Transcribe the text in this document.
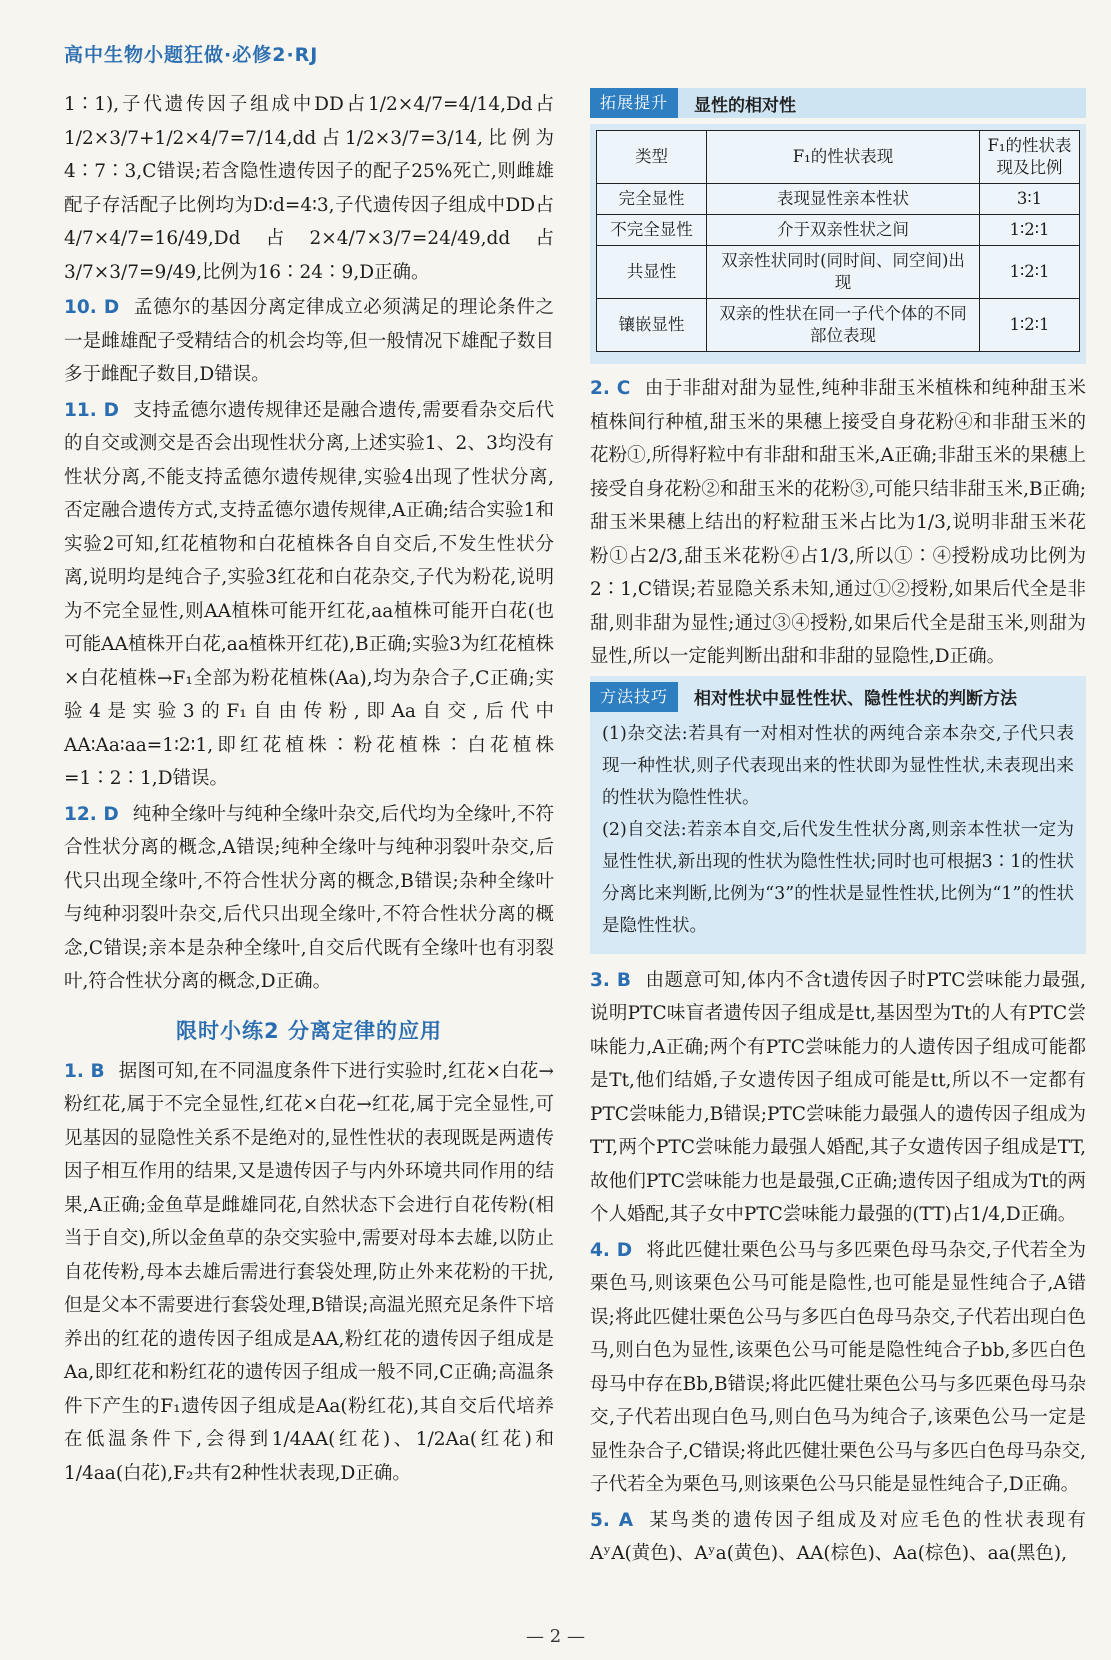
高中生物小题狂做·必修2·RJ

1∶1),子代遗传因子组成中DD占1/2×4/7=4/14,Dd占1/2×3/7+1/2×4/7=7/14,dd占1/2×3/7=3/14,比例为4∶7∶3,C错误;若含隐性遗传因子的配子25%死亡,则雌雄配子存活配子比例均为D∶d=4∶3,子代遗传因子组成中DD占4/7×4/7=16/49,Dd占2×4/7×3/7=24/49,dd占3/7×3/7=9/49,比例为16∶24∶9,D正确。

10. D 孟德尔的基因分离定律成立必须满足的理论条件之一是雌雄配子受精结合的机会均等,但一般情况下雄配子数目多于雌配子数目,D错误。

11. D 支持孟德尔遗传规律还是融合遗传,需要看杂交后代的自交或测交是否会出现性状分离,上述实验1、2、3均没有性状分离,不能支持孟德尔遗传规律,实验4出现了性状分离,否定融合遗传方式,支持孟德尔遗传规律,A正确;结合实验1和实验2可知,红花植物和白花植株各自自交后,不发生性状分离,说明均是纯合子,实验3红花和白花杂交,子代为粉花,说明为不完全显性,则AA植株可能开红花,aa植株可能开白花(也可能AA植株开白花,aa植株开红花),B正确;实验3为红花植株×白花植株→F₁全部为粉花植株(Aa),均为杂合子,C正确;实验4是实验3的F₁自由传粉,即Aa自交,后代中AA∶Aa∶aa=1∶2∶1,即红花植株∶粉花植株∶白花植株=1∶2∶1,D错误。

12. D 纯种全缘叶与纯种全缘叶杂交,后代均为全缘叶,不符合性状分离的概念,A错误;纯种全缘叶与纯种羽裂叶杂交,后代只出现全缘叶,不符合性状分离的概念,B错误;杂种全缘叶与纯种羽裂叶杂交,后代只出现全缘叶,不符合性状分离的概念,C错误;亲本是杂种全缘叶,自交后代既有全缘叶也有羽裂叶,符合性状分离的概念,D正确。

限时小练2 分离定律的应用

1. B 据图可知,在不同温度条件下进行实验时,红花×白花→粉红花,属于不完全显性,红花×白花→红花,属于完全显性,可见基因的显隐性关系不是绝对的,显性性状的表现既是两遗传因子相互作用的结果,又是遗传因子与内外环境共同作用的结果,A正确;金鱼草是雌雄同花,自然状态下会进行自花传粉(相当于自交),所以金鱼草的杂交实验中,需要对母本去雄,以防止自花传粉,母本去雄后需进行套袋处理,防止外来花粉的干扰,但是父本不需要进行套袋处理,B错误;高温光照充足条件下培养出的红花的遗传因子组成是AA,粉红花的遗传因子组成是Aa,即红花和粉红花的遗传因子组成一般不同,C正确;高温条件下产生的F₁遗传因子组成是Aa(粉红花),其自交后代培养在低温条件下,会得到1/4AA(红花)、1/2Aa(红花)和1/4aa(白花),F₂共有2种性状表现,D正确。

拓展提升	显性的相对性
类型	F₁的性状表现	F₁的性状表现及比例
完全显性	表现显性亲本性状	3∶1
不完全显性	介于双亲性状之间	1∶2∶1
共显性	双亲性状同时(同时间、同空间)出现	1∶2∶1
镶嵌显性	双亲的性状在同一子代个体的不同部位表现	1∶2∶1

2. C 由于非甜对甜为显性,纯种非甜玉米植株和纯种甜玉米植株间行种植,甜玉米的果穗上接受自身花粉④和非甜玉米的花粉①,所得籽粒中有非甜和甜玉米,A正确;非甜玉米的果穗上接受自身花粉②和甜玉米的花粉③,可能只结非甜玉米,B正确;甜玉米果穗上结出的籽粒甜玉米占比为1/3,说明非甜玉米花粉①占2/3,甜玉米花粉④占1/3,所以①∶④授粉成功比例为2∶1,C错误;若显隐关系未知,通过①②授粉,如果后代全是非甜,则非甜为显性;通过③④授粉,如果后代全是甜玉米,则甜为显性,所以一定能判断出甜和非甜的显隐性,D正确。

方法技巧	相对性状中显性性状、隐性性状的判断方法

(1)杂交法:若具有一对相对性状的两纯合亲本杂交,子代只表现一种性状,则子代表现出来的性状即为显性性状,未表现出来的性状为隐性性状。

(2)自交法:若亲本自交,后代发生性状分离,则亲本性状一定为显性性状,新出现的性状为隐性性状;同时也可根据3∶1的性状分离比来判断,比例为“3”的性状是显性性状,比例为“1”的性状是隐性性状。

3. B 由题意可知,体内不含t遗传因子时PTC尝味能力最强,说明PTC味盲者遗传因子组成是tt,基因型为Tt的人有PTC尝味能力,A正确;两个有PTC尝味能力的人遗传因子组成可能都是Tt,他们结婚,子女遗传因子组成可能是tt,所以不一定都有PTC尝味能力,B错误;PTC尝味能力最强人的遗传因子组成为TT,两个PTC尝味能力最强人婚配,其子女遗传因子组成是TT,故他们PTC尝味能力也是最强,C正确;遗传因子组成为Tt的两个人婚配,其子女中PTC尝味能力最强的(TT)占1/4,D正确。

4. D 将此匹健壮栗色公马与多匹栗色母马杂交,子代若全为栗色马,则该栗色公马可能是隐性,也可能是显性纯合子,A错误;将此匹健壮栗色公马与多匹白色母马杂交,子代若出现白色马,则白色为显性,该栗色公马可能是隐性纯合子bb,多匹白色母马中存在Bb,B错误;将此匹健壮栗色公马与多匹栗色母马杂交,子代若出现白色马,则白色马为纯合子,该栗色公马一定是显性杂合子,C错误;将此匹健壮栗色公马与多匹白色母马杂交,子代若全为栗色马,则该栗色公马只能是显性纯合子,D正确。

5. A 某鸟类的遗传因子组成及对应毛色的性状表现有AʸA(黄色)、Aʸa(黄色)、AA(棕色)、Aa(棕色)、aa(黑色),

— 2 —
